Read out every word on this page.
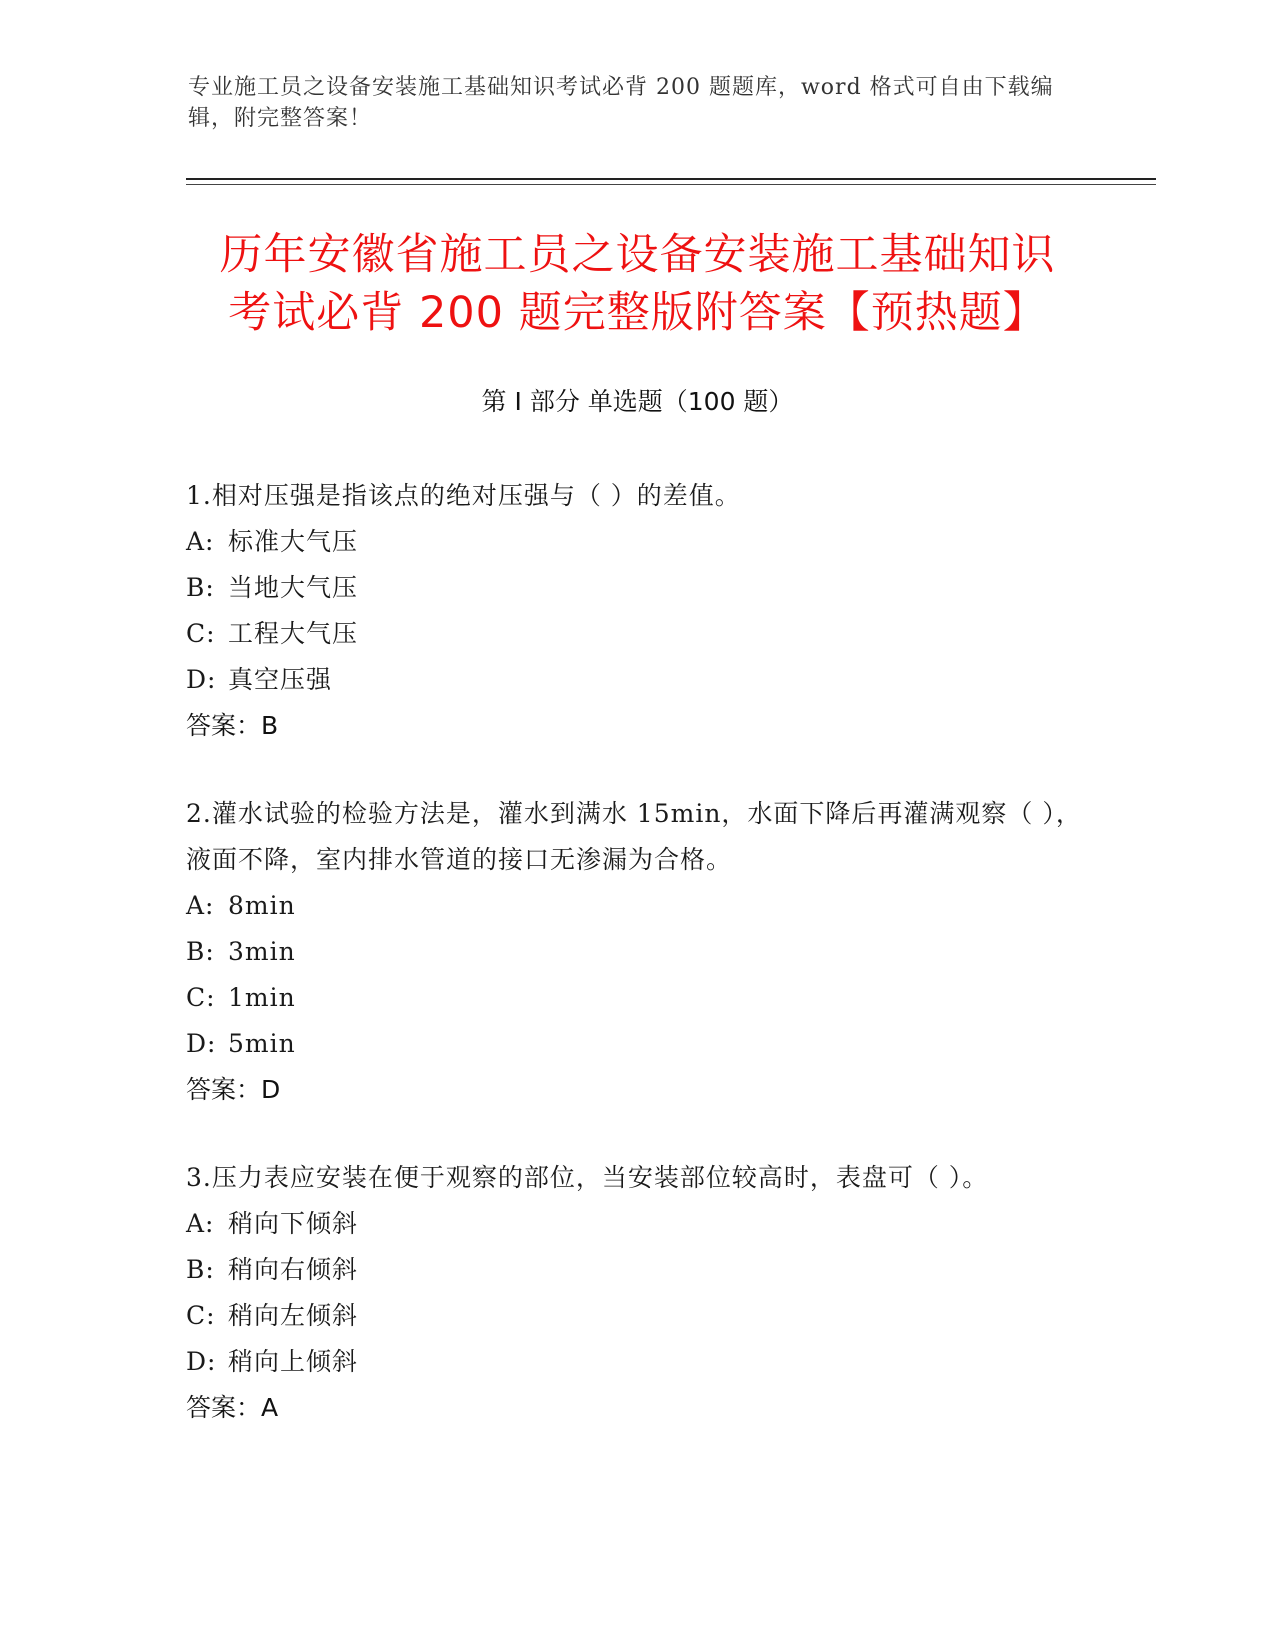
专业施工员之设备安装施工基础知识考试必背 200 题题库，word 格式可自由下载编辑，附完整答案！
历年安徽省施工员之设备安装施工基础知识
考试必背 200 题完整版附答案【预热题】
第 I 部分 单选题（100 题）

1.相对压强是指该点的绝对压强与（ ）的差值。

A: 标准大气压

B: 当地大气压

C: 工程大气压

D: 真空压强

答案：B

2.灌水试验的检验方法是，灌水到满水 15min，水面下降后再灌满观察（ ），液面不降，室内排水管道的接口无渗漏为合格。

A: 8min

B: 3min

C: 1min

D: 5min

答案：D

3.压力表应安装在便于观察的部位，当安装部位较高时，表盘可（ ）。

A: 稍向下倾斜

B: 稍向右倾斜

C: 稍向左倾斜

D: 稍向上倾斜

答案：A
